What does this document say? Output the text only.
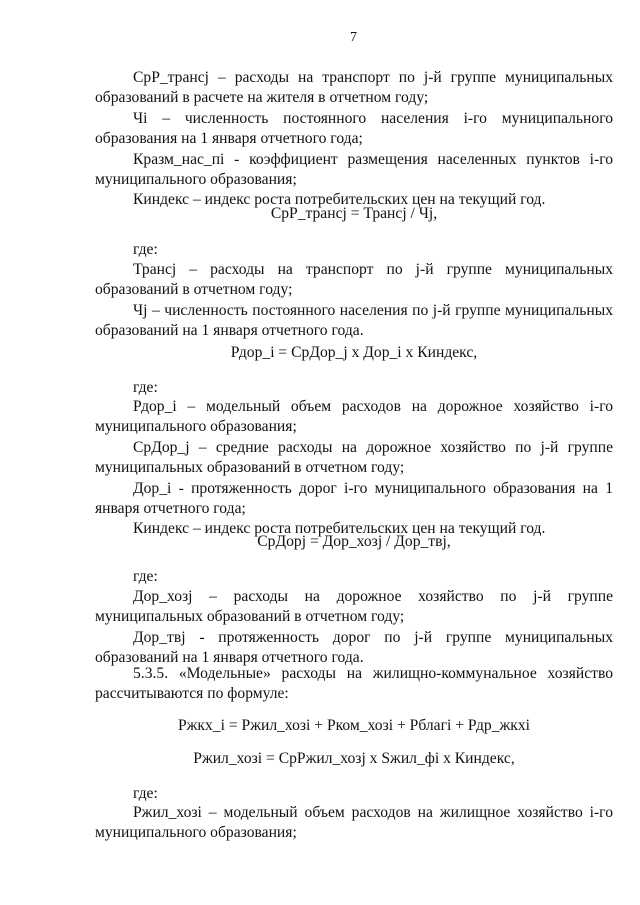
7

СрР_трансj – расходы на транспорт по j-й группе муниципальных образований в расчете на жителя в отчетном году;

Чi – численность постоянного населения i-го муниципального образования на 1 января отчетного года;

Кразм_нас_пi - коэффициент размещения населенных пунктов i-го муниципального образования;

Киндекс – индекс роста потребительских цен на текущий год.

СрР_трансj = Трансj / Чj,

где:

Трансj – расходы на транспорт по j-й группе муниципальных образований в отчетном году;

Чj – численность постоянного населения по j-й группе муниципальных образований на 1 января отчетного года.

Рдор_i = СрДор_j х Дор_i х Киндекс,

где:

Рдор_i – модельный объем расходов на дорожное хозяйство i-го муниципального образования;

СрДор_j – средние расходы на дорожное хозяйство по j-й группе муниципальных образований в отчетном году;

Дор_i - протяженность дорог i-го муниципального образования на 1 января отчетного года;

Киндекс – индекс роста потребительских цен на текущий год.

СрДорj = Дор_хозj / Дор_твj,

где:

Дор_хозj – расходы на дорожное хозяйство по j-й группе муниципальных образований в отчетном году;

Дор_твj - протяженность дорог по j-й группе муниципальных образований на 1 января отчетного года.

5.3.5. «Модельные» расходы на жилищно-коммунальное хозяйство рассчитываются по формуле:

Ржкх_i = Ржил_хозi + Рком_хозi + Рблагi + Рдр_жкхi

Ржил_хозi = СрРжил_хозj х Sжил_фi х Киндекс,

где:

Ржил_хозi – модельный объем расходов на жилищное хозяйство i-го муниципального образования;
